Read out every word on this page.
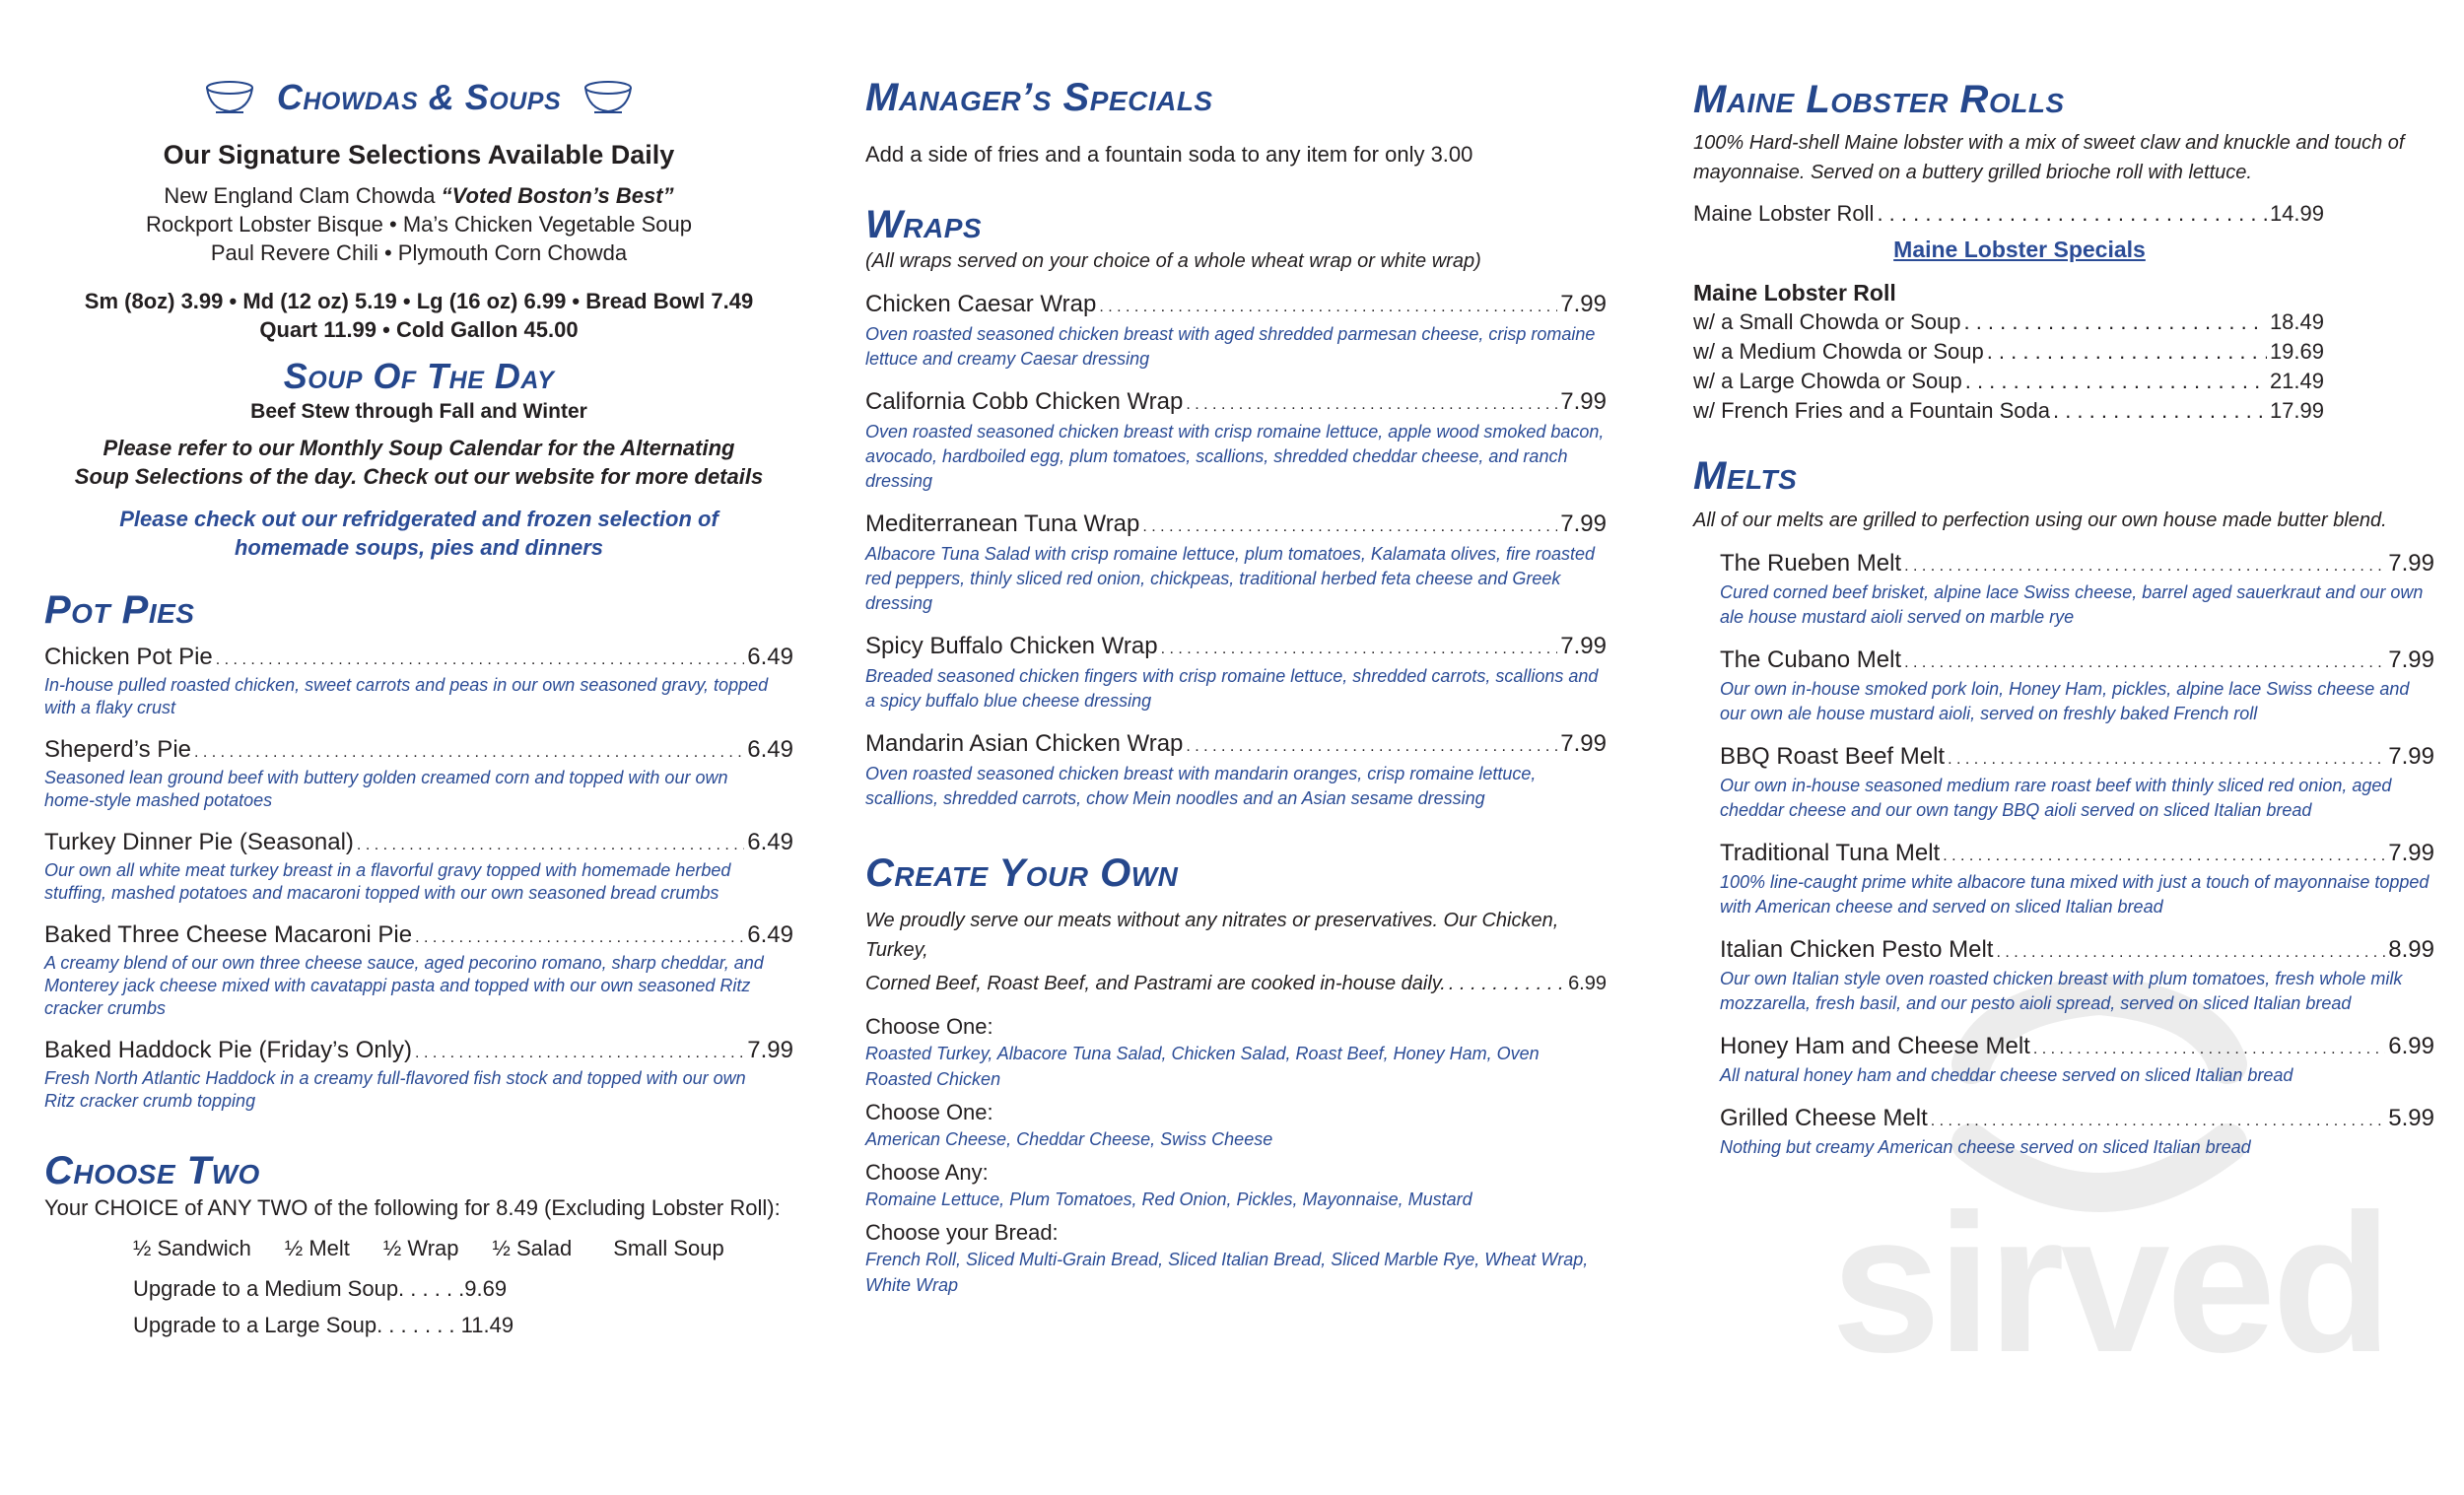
Chowdas & Soups
Our Signature Selections Available Daily
New England Clam Chowda “Voted Boston’s Best”
Rockport Lobster Bisque • Ma’s Chicken Vegetable Soup
Paul Revere Chili • Plymouth Corn Chowda
Sm (8oz) 3.99 • Md (12 oz) 5.19 • Lg (16 oz) 6.99 • Bread Bowl 7.49
Quart 11.99 • Cold Gallon 45.00
Soup Of The Day
Beef Stew through Fall and Winter
Please refer to our Monthly Soup Calendar for the Alternating
Soup Selections of the day. Check out our website for more details
Please check out our refridgerated and frozen selection of
homemade soups, pies and dinners
Pot Pies
Chicken Pot Pie . . .	6.49
In-house pulled roasted chicken, sweet carrots and peas in our own seasoned gravy, topped with a flaky crust
Sheperd’s Pie . . .	6.49
Seasoned lean ground beef with buttery golden creamed corn and topped with our own home-style mashed potatoes
Turkey Dinner Pie (Seasonal) . . .	6.49
Our own all white meat turkey breast in a flavorful gravy topped with homemade herbed stuffing, mashed potatoes and macaroni topped with our own seasoned bread crumbs
Baked Three Cheese Macaroni Pie . . .	6.49
A creamy blend of our own three cheese sauce, aged pecorino romano, sharp cheddar, and Monterey jack cheese mixed with cavatappi pasta and topped with our own seasoned Ritz cracker crumbs
Baked Haddock Pie (Friday’s Only) . . .	7.99
Fresh North Atlantic Haddock in a creamy full-flavored fish stock and topped with our own Ritz cracker crumb topping
Choose Two
Your CHOICE of ANY TWO of the following for 8.49 (Excluding Lobster Roll):
½ Sandwich ½ Melt ½ Wrap ½ Salad Small Soup
Upgrade to a Medium Soup. . . . . .9.69
Upgrade to a Large Soup. . . . . . . 11.49
Manager’s Specials
Add a side of fries and a fountain soda to any item for only 3.00
Wraps
(All wraps served on your choice of a whole wheat wrap or white wrap)
Chicken Caesar Wrap . . .	7.99
Oven roasted seasoned chicken breast with aged shredded parmesan cheese, crisp romaine lettuce and creamy Caesar dressing
California Cobb Chicken Wrap . . .	7.99
Oven roasted seasoned chicken breast with crisp romaine lettuce, apple wood smoked bacon, avocado, hardboiled egg, plum tomatoes, scallions, shredded cheddar cheese, and ranch dressing
Mediterranean Tuna Wrap . . .	7.99
Albacore Tuna Salad with crisp romaine lettuce, plum tomatoes, Kalamata olives, fire roasted red peppers, thinly sliced red onion, chickpeas, traditional herbed feta cheese and Greek dressing
Spicy Buffalo Chicken Wrap . . .	7.99
Breaded seasoned chicken fingers with crisp romaine lettuce, shredded carrots, scallions and a spicy buffalo blue cheese dressing
Mandarin Asian Chicken Wrap . . .	7.99
Oven roasted seasoned chicken breast with mandarin oranges, crisp romaine lettuce, scallions, shredded carrots, chow Mein noodles and an Asian sesame dressing
Create Your Own
We proudly serve our meats without any nitrates or preservatives. Our Chicken, Turkey,
Corned Beef, Roast Beef, and Pastrami are cooked in-house daily. . . .	6.99
Choose One:
Roasted Turkey, Albacore Tuna Salad, Chicken Salad, Roast Beef, Honey Ham, Oven Roasted Chicken
Choose One:
American Cheese, Cheddar Cheese, Swiss Cheese
Choose Any:
Romaine Lettuce, Plum Tomatoes, Red Onion, Pickles, Mayonnaise, Mustard
Choose your Bread:
French Roll, Sliced Multi-Grain Bread, Sliced Italian Bread, Sliced Marble Rye, Wheat Wrap, White Wrap
Maine Lobster Rolls
100% Hard-shell Maine lobster with a mix of sweet claw and knuckle and touch of
mayonnaise. Served on a buttery grilled brioche roll with lettuce.
Maine Lobster Roll . . .	14.99
Maine Lobster Specials
Maine Lobster Roll
w/ a Small Chowda or Soup . . .	18.49
w/ a Medium Chowda or Soup . . .	19.69
w/ a Large Chowda or Soup . . .	21.49
w/ French Fries and a Fountain Soda . . .	17.99
Melts
All of our melts are grilled to perfection using our own house made butter blend.
The Rueben Melt . . .	7.99
Cured corned beef brisket, alpine lace Swiss cheese, barrel aged sauerkraut and our own ale house mustard aioli served on marble rye
The Cubano Melt . . .	7.99
Our own in-house smoked pork loin, Honey Ham, pickles, alpine lace Swiss cheese and our own ale house mustard aioli, served on freshly baked French roll
BBQ Roast Beef Melt . . .	7.99
Our own in-house seasoned medium rare roast beef with thinly sliced red onion, aged cheddar cheese and our own tangy BBQ aioli served on sliced Italian bread
Traditional Tuna Melt . . .	7.99
100% line-caught prime white albacore tuna mixed with just a touch of mayonnaise topped with American cheese and served on sliced Italian bread
Italian Chicken Pesto Melt . . .	8.99
Our own Italian style oven roasted chicken breast with plum tomatoes, fresh whole milk mozzarella, fresh basil, and our pesto aioli spread, served on sliced Italian bread
Honey Ham and Cheese Melt . . .	6.99
All natural honey ham and cheddar cheese served on sliced Italian bread
Grilled Cheese Melt . . .	5.99
Nothing but creamy American cheese served on sliced Italian bread
sirved
